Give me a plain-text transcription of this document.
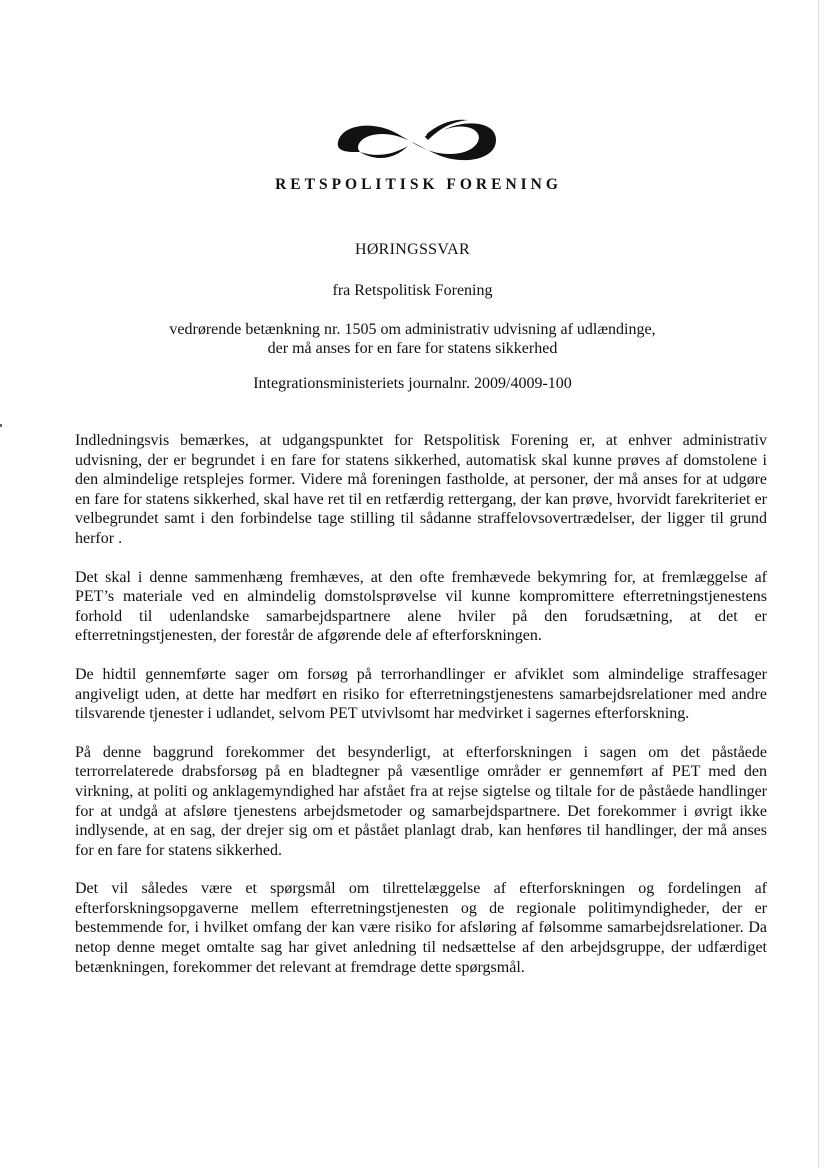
RETSPOLITISK FORENING
HØRINGSSVAR
fra Retspolitisk Forening
vedrørende betænkning nr. 1505 om administrativ udvisning af udlændinge,
der må anses for en fare for statens sikkerhed
Integrationsministeriets journalnr. 2009/4009-100

Indledningsvis bemærkes, at udgangspunktet for Retspolitisk Forening er, at enhver administrativ udvisning, der er begrundet i en fare for statens sikkerhed, automatisk skal kunne prøves af domstolene i den almindelige retsplejes former. Videre må foreningen fastholde, at personer, der må anses for at udgøre en fare for statens sikkerhed, skal have ret til en retfærdig rettergang, der kan prøve, hvorvidt farekriteriet er velbegrundet samt i den forbindelse tage stilling til sådanne straffelovsovertrædelser, der ligger til grund herfor .

Det skal i denne sammenhæng fremhæves, at den ofte fremhævede bekymring for, at fremlæggelse af PET’s materiale ved en almindelig domstolsprøvelse vil kunne kompromittere efterretningstjenestens forhold til udenlandske samarbejdspartnere alene hviler på den forudsætning, at det er efterretningstjenesten, der forestår de afgørende dele af efterforskningen.

De hidtil gennemførte sager om forsøg på terrorhandlinger er afviklet som almindelige straffesager angiveligt uden, at dette har medført en risiko for efterretningstjenestens samarbejdsrelationer med andre tilsvarende tjenester i udlandet, selvom PET utvivlsomt har medvirket i sagernes efterforskning.

På denne baggrund forekommer det besynderligt, at efterforskningen i sagen om det påståede terrorrelaterede drabsforsøg på en bladtegner på væsentlige områder er gennemført af PET med den virkning, at politi og anklagemyndighed har afstået fra at rejse sigtelse og tiltale for de påståede handlinger for at undgå at afsløre tjenestens arbejdsmetoder og samarbejdspartnere. Det forekommer i øvrigt ikke indlysende, at en sag, der drejer sig om et påstået planlagt drab, kan henføres til handlinger, der må anses for en fare for statens sikkerhed.

Det vil således være et spørgsmål om tilrettelæggelse af efterforskningen og fordelingen af efterforskningsopgaverne mellem efterretningstjenesten og de regionale politimyndigheder, der er bestemmende for, i hvilket omfang der kan være risiko for afsløring af følsomme samarbejdsrelationer. Da netop denne meget omtalte sag har givet anledning til nedsættelse af den arbejdsgruppe, der udfærdiget betænkningen, forekommer det relevant at fremdrage dette spørgsmål.
